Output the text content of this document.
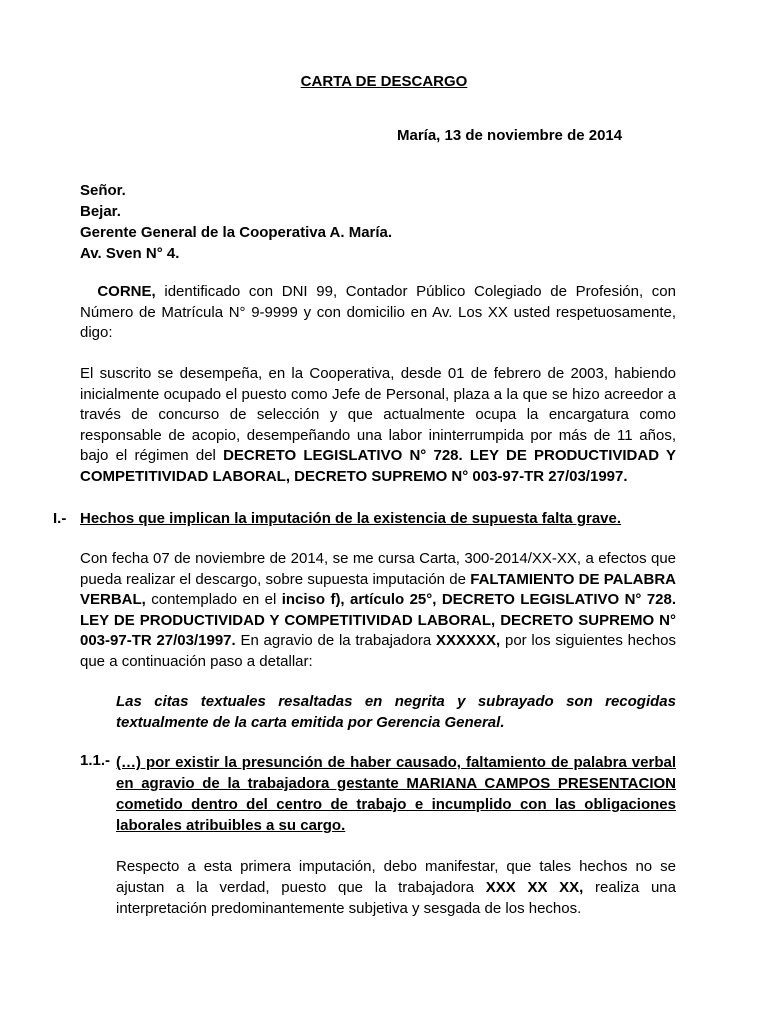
CARTA DE DESCARGO
María, 13 de noviembre de 2014
Señor.
Bejar.
Gerente General de la Cooperativa A. María.
Av. Sven N° 4.
CORNE, identificado con DNI 99, Contador Público Colegiado de Profesión, con Número de Matrícula N° 9-9999 y con domicilio en Av. Los XX usted respetuosamente, digo:
El suscrito se desempeña, en la Cooperativa, desde 01 de febrero de 2003, habiendo inicialmente ocupado el puesto como Jefe de Personal, plaza a la que se hizo acreedor a través de concurso de selección y que actualmente ocupa la encargatura como responsable de acopio, desempeñando una labor ininterrumpida por más de 11 años, bajo el régimen del DECRETO LEGISLATIVO N° 728. LEY DE PRODUCTIVIDAD Y COMPETITIVIDAD LABORAL, DECRETO SUPREMO N° 003-97-TR 27/03/1997.
I.- Hechos que implican la imputación de la existencia de supuesta falta grave.
Con fecha 07 de noviembre de 2014, se me cursa Carta, 300-2014/XX-XX, a efectos que pueda realizar el descargo, sobre supuesta imputación de FALTAMIENTO DE PALABRA VERBAL, contemplado en el inciso f), artículo 25°, DECRETO LEGISLATIVO N° 728. LEY DE PRODUCTIVIDAD Y COMPETITIVIDAD LABORAL, DECRETO SUPREMO N° 003-97-TR 27/03/1997. En agravio de la trabajadora XXXXXX, por los siguientes hechos que a continuación paso a detallar:
Las citas textuales resaltadas en negrita y subrayado son recogidas textualmente de la carta emitida por Gerencia General.
1.1.- (…) por existir la presunción de haber causado, faltamiento de palabra verbal en agravio de la trabajadora gestante MARIANA CAMPOS PRESENTACION cometido dentro del centro de trabajo e incumplido con las obligaciones laborales atribuibles a su cargo.
Respecto a esta primera imputación, debo manifestar, que tales hechos no se ajustan a la verdad, puesto que la trabajadora XXX XX XX, realiza una interpretación predominantemente subjetiva y sesgada de los hechos.
